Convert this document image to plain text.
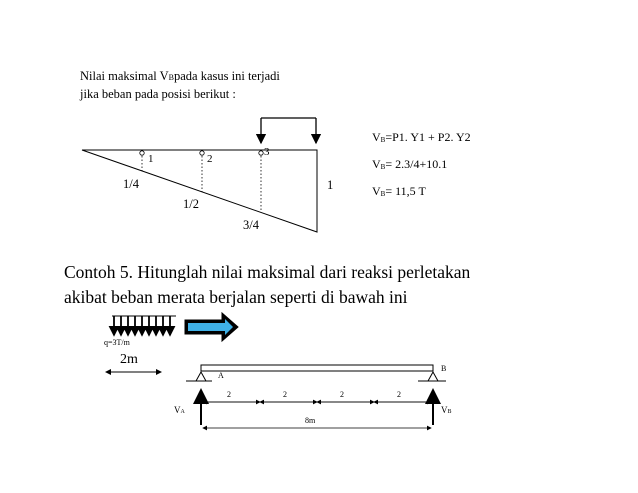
Nilai maksimal VBpada kasus ini terjadi
jika beban pada posisi berikut :
1	2
3
1/4
1/2
3/4
1
$V_B=P1$. Y1 + P2. Y2
$V_B= 2.3/4+10.1$
$V_B= 11,5$ T
Contoh 5. Hitunglah nilai maksimal dari reaksi perletakan
akibat beban merata berjalan seperti di bawah ini
q=3T/m
2m
A
B
2	2	2	2
VA	VB
8m
